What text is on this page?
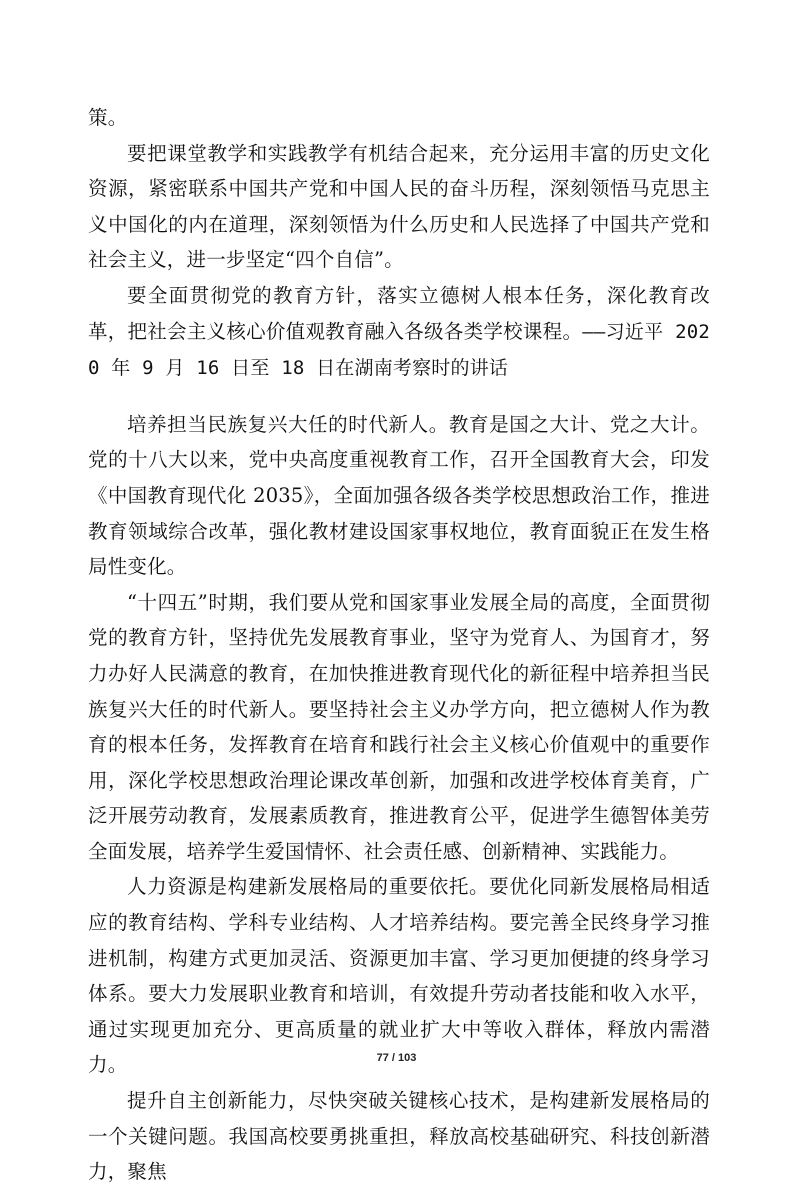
策。

要把课堂教学和实践教学有机结合起来，充分运用丰富的历史文化资源，紧密联系中国共产党和中国人民的奋斗历程，深刻领悟马克思主义中国化的内在道理，深刻领悟为什么历史和人民选择了中国共产党和社会主义，进一步坚定“四个自信”。

要全面贯彻党的教育方针，落实立德树人根本任务，深化教育改革，把社会主义核心价值观教育融入各级各类学校课程。——习近平 2020 年 9 月 16 日至 18 日在湖南考察时的讲话

培养担当民族复兴大任的时代新人。教育是国之大计、党之大计。党的十八大以来，党中央高度重视教育工作，召开全国教育大会，印发《中国教育现代化 2035》，全面加强各级各类学校思想政治工作，推进教育领域综合改革，强化教材建设国家事权地位，教育面貌正在发生格局性变化。

“十四五”时期，我们要从党和国家事业发展全局的高度，全面贯彻党的教育方针，坚持优先发展教育事业，坚守为党育人、为国育才，努力办好人民满意的教育，在加快推进教育现代化的新征程中培养担当民族复兴大任的时代新人。要坚持社会主义办学方向，把立德树人作为教育的根本任务，发挥教育在培育和践行社会主义核心价值观中的重要作用，深化学校思想政治理论课改革创新，加强和改进学校体育美育，广泛开展劳动教育，发展素质教育，推进教育公平，促进学生德智体美劳全面发展，培养学生爱国情怀、社会责任感、创新精神、实践能力。

人力资源是构建新发展格局的重要依托。要优化同新发展格局相适应的教育结构、学科专业结构、人才培养结构。要完善全民终身学习推进机制，构建方式更加灵活、资源更加丰富、学习更加便捷的终身学习体系。要大力发展职业教育和培训，有效提升劳动者技能和收入水平，通过实现更加充分、更高质量的就业扩大中等收入群体，释放内需潜力。

提升自主创新能力，尽快突破关键核心技术，是构建新发展格局的一个关键问题。我国高校要勇挑重担，释放高校基础研究、科技创新潜力，聚焦

77 / 103
